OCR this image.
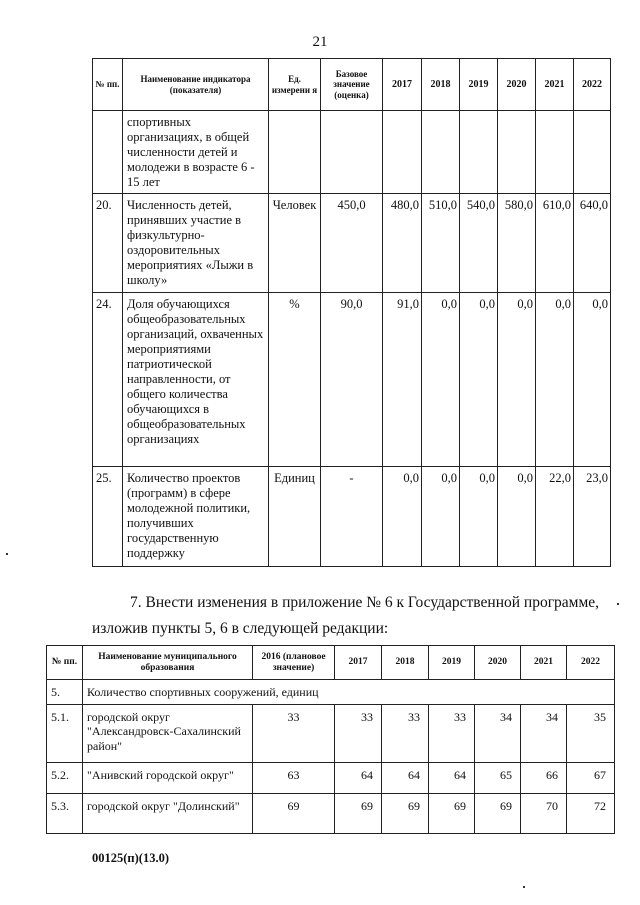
21
№ пп.	Наименование индикатора (показателя)	Ед. измерени я	Базовое значение (оценка)	2017	2018	2019	2020	2021	2022
	спортивных организациях, в общей численности детей и молодежи в возрасте 6 - 15 лет								
20.	Численность детей, принявших участие в физкультурно-оздоровительных мероприятиях «Лыжи в школу»	Человек	450,0	480,0	510,0	540,0	580,0	610,0	640,0
24.	Доля обучающихся общеобразовательных организаций, охваченных мероприятиями патриотической направленности, от общего количества обучающихся в общеобразовательных организациях	%	90,0	91,0	0,0	0,0	0,0	0,0	0,0
25.	Количество проектов (программ) в сфере молодежной политики, получивших государственную поддержку	Единиц	-	0,0	0,0	0,0	0,0	22,0	23,0
7. Внести изменения в приложение № 6 к Государственной программе,
изложив пункты 5, 6 в следующей редакции:
№ пп.	Наименование муниципального образования	2016 (плановое значение)	2017	2018	2019	2020	2021	2022
5.	Количество спортивных сооружений, единиц							
5.1.	городской округ "Александровск-Сахалинский район"	33	33	33	33	34	34	35
5.2.	"Анивский городской округ"	63	64	64	64	65	66	67
5.3.	городской округ "Долинский"	69	69	69	69	69	70	72
00125(п)(13.0)
